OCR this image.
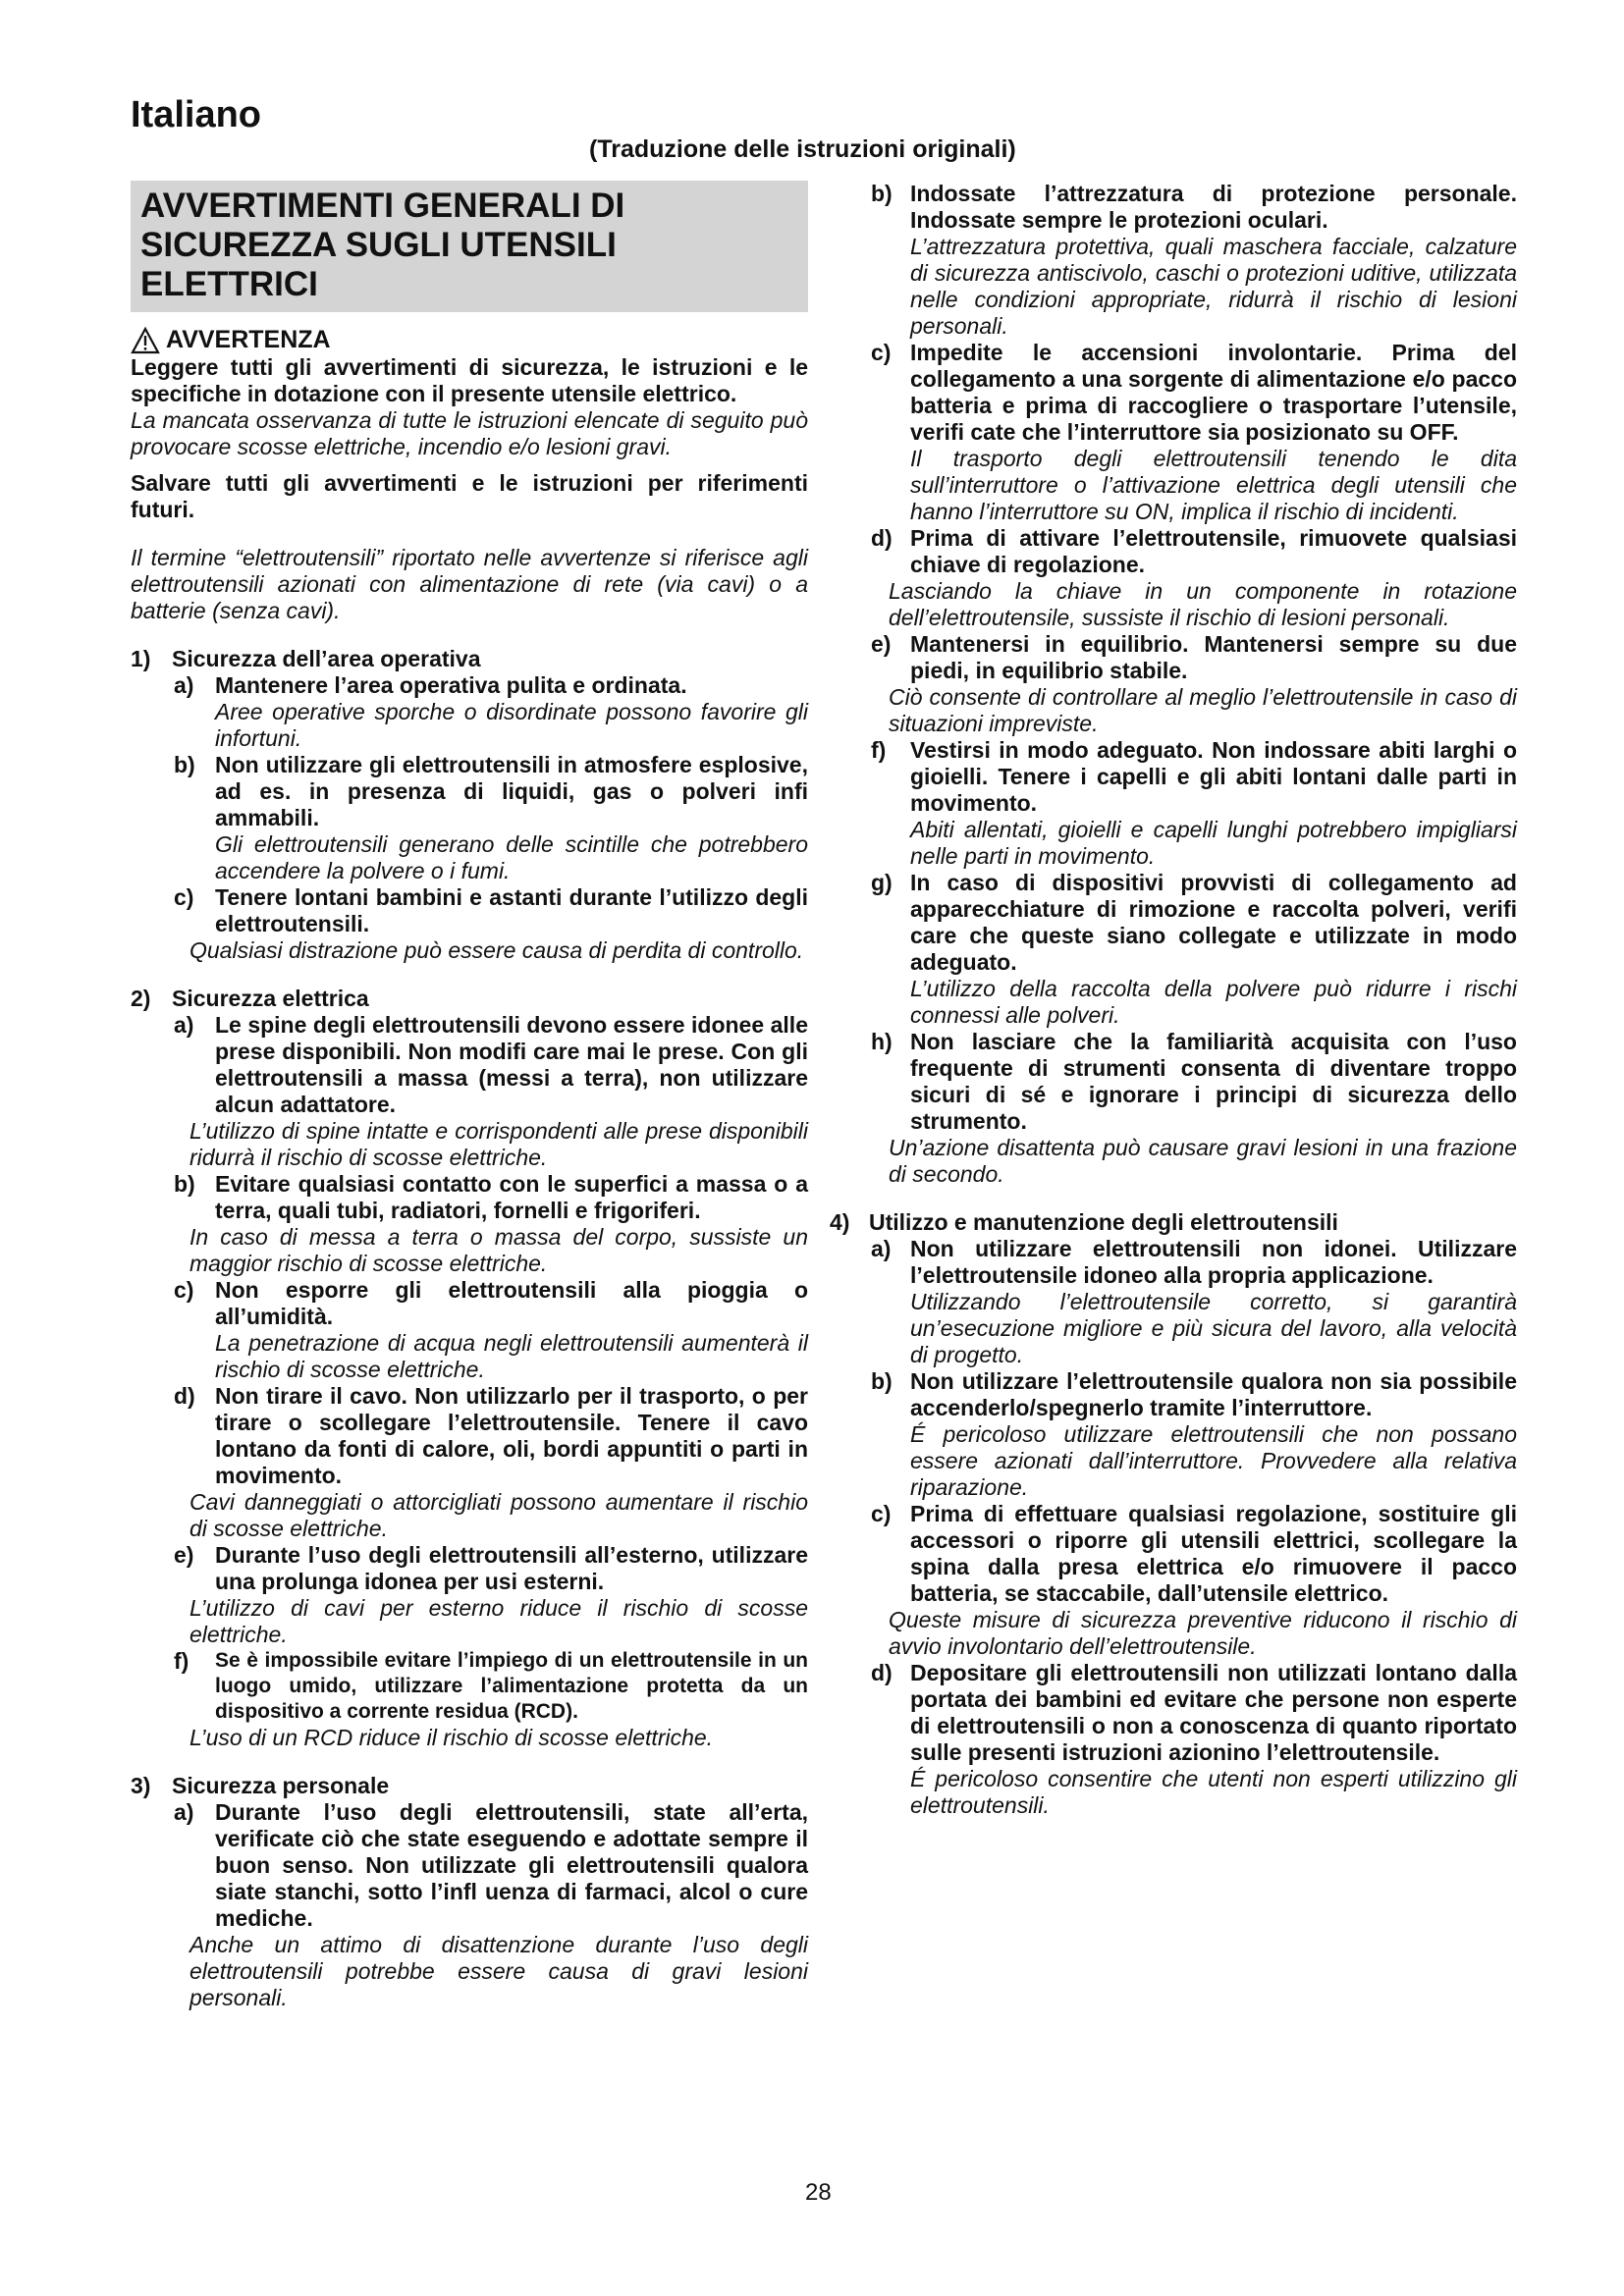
Italiano
(Traduzione delle istruzioni originali)
AVVERTIMENTI GENERALI DI SICUREZZA SUGLI UTENSILI ELETTRICI
AVVERTENZA

Leggere tutti gli avvertimenti di sicurezza, le istruzioni e le specifiche in dotazione con il presente utensile elettrico.

La mancata osservanza di tutte le istruzioni elencate di seguito può provocare scosse elettriche, incendio e/o lesioni gravi.

Salvare tutti gli avvertimenti e le istruzioni per riferimenti futuri.

Il termine “elettroutensili” riportato nelle avvertenze si riferisce agli elettroutensili azionati con alimentazione di rete (via cavi) o a batterie (senza cavi).

1) Sicurezza dell’area operativa
a) Mantenere l’area operativa pulita e ordinata.
Aree operative sporche o disordinate possono favorire gli infortuni.
b) Non utilizzare gli elettroutensili in atmosfere esplosive, ad es. in presenza di liquidi, gas o polveri infi ammabili.
Gli elettroutensili generano delle scintille che potrebbero accendere la polvere o i fumi.
c) Tenere lontani bambini e astanti durante l’utilizzo degli elettroutensili.
Qualsiasi distrazione può essere causa di perdita di controllo.
2) Sicurezza elettrica
a) Le spine degli elettroutensili devono essere idonee alle prese disponibili. Non modifi care mai le prese. Con gli elettroutensili a massa (messi a terra), non utilizzare alcun adattatore.
L’utilizzo di spine intatte e corrispondenti alle prese disponibili ridurrà il rischio di scosse elettriche.
b) Evitare qualsiasi contatto con le superfici a massa o a terra, quali tubi, radiatori, fornelli e frigoriferi.
In caso di messa a terra o massa del corpo, sussiste un maggior rischio di scosse elettriche.
c) Non esporre gli elettroutensili alla pioggia o all’umidità.
La penetrazione di acqua negli elettroutensili aumenterà il rischio di scosse elettriche.
d) Non tirare il cavo. Non utilizzarlo per il trasporto, o per tirare o scollegare l’elettroutensile. Tenere il cavo lontano da fonti di calore, oli, bordi appuntiti o parti in movimento.
Cavi danneggiati o attorcigliati possono aumentare il rischio di scosse elettriche.
e) Durante l’uso degli elettroutensili all’esterno, utilizzare una prolunga idonea per usi esterni.
L’utilizzo di cavi per esterno riduce il rischio di scosse elettriche.
f)	Se è impossibile evitare l’impiego di un elettroutensile in un luogo umido, utilizzare l’alimentazione protetta da un dispositivo a corrente residua (RCD).
L’uso di un RCD riduce il rischio di scosse elettriche.
3) Sicurezza personale
a) Durante l’uso degli elettroutensili, state all’erta, verificate ciò che state eseguendo e adottate sempre il buon senso. Non utilizzate gli elettroutensili qualora siate stanchi, sotto l’infl uenza di farmaci, alcol o cure mediche.
Anche un attimo di disattenzione durante l’uso degli elettroutensili potrebbe essere causa di gravi lesioni personali.
b) Indossate l’attrezzatura di protezione personale. Indossate sempre le protezioni oculari.
L’attrezzatura protettiva, quali maschera facciale, calzature di sicurezza antiscivolo, caschi o protezioni uditive, utilizzata nelle condizioni appropriate, ridurrà il rischio di lesioni personali.
c) Impedite le accensioni involontarie. Prima del collegamento a una sorgente di alimentazione e/o pacco batteria e prima di raccogliere o trasportare l’utensile, verifi cate che l’interruttore sia posizionato su OFF.
Il trasporto degli elettroutensili tenendo le dita sull’interruttore o l’attivazione elettrica degli utensili che hanno l’interruttore su ON, implica il rischio di incidenti.
d) Prima di attivare l’elettroutensile, rimuovete qualsiasi chiave di regolazione.
Lasciando la chiave in un componente in rotazione dell’elettroutensile, sussiste il rischio di lesioni personali.
e) Mantenersi in equilibrio. Mantenersi sempre su due piedi, in equilibrio stabile.
Ciò consente di controllare al meglio l’elettroutensile in caso di situazioni impreviste.
f)	Vestirsi in modo adeguato. Non indossare abiti larghi o gioielli. Tenere i capelli e gli abiti lontani dalle parti in movimento.
Abiti allentati, gioielli e capelli lunghi potrebbero impigliarsi nelle parti in movimento.
g) In caso di dispositivi provvisti di collegamento ad apparecchiature di rimozione e raccolta polveri, verifi care che queste siano collegate e utilizzate in modo adeguato.
L’utilizzo della raccolta della polvere può ridurre i rischi connessi alle polveri.
h) Non lasciare che la familiarità acquisita con l’uso frequente di strumenti consenta di diventare troppo sicuri di sé e ignorare i principi di sicurezza dello strumento.
Un’azione disattenta può causare gravi lesioni in una frazione di secondo.
4) Utilizzo e manutenzione degli elettroutensili
a) Non utilizzare elettroutensili non idonei. Utilizzare l’elettroutensile idoneo alla propria applicazione.
Utilizzando l’elettroutensile corretto, si garantirà un’esecuzione migliore e più sicura del lavoro, alla velocità di progetto.
b) Non utilizzare l’elettroutensile qualora non sia possibile accenderlo/spegnerlo tramite l’interruttore.
É pericoloso utilizzare elettroutensili che non possano essere azionati dall’interruttore. Provvedere alla relativa riparazione.
c) Prima di effettuare qualsiasi regolazione, sostituire gli accessori o riporre gli utensili elettrici, scollegare la spina dalla presa elettrica e/o rimuovere il pacco batteria, se staccabile, dall’utensile elettrico.
Queste misure di sicurezza preventive riducono il rischio di avvio involontario dell’elettroutensile.
d) Depositare gli elettroutensili non utilizzati lontano dalla portata dei bambini ed evitare che persone non esperte di elettroutensili o non a conoscenza di quanto riportato sulle presenti istruzioni azionino l’elettroutensile.
É pericoloso consentire che utenti non esperti utilizzino gli elettroutensili.
28
